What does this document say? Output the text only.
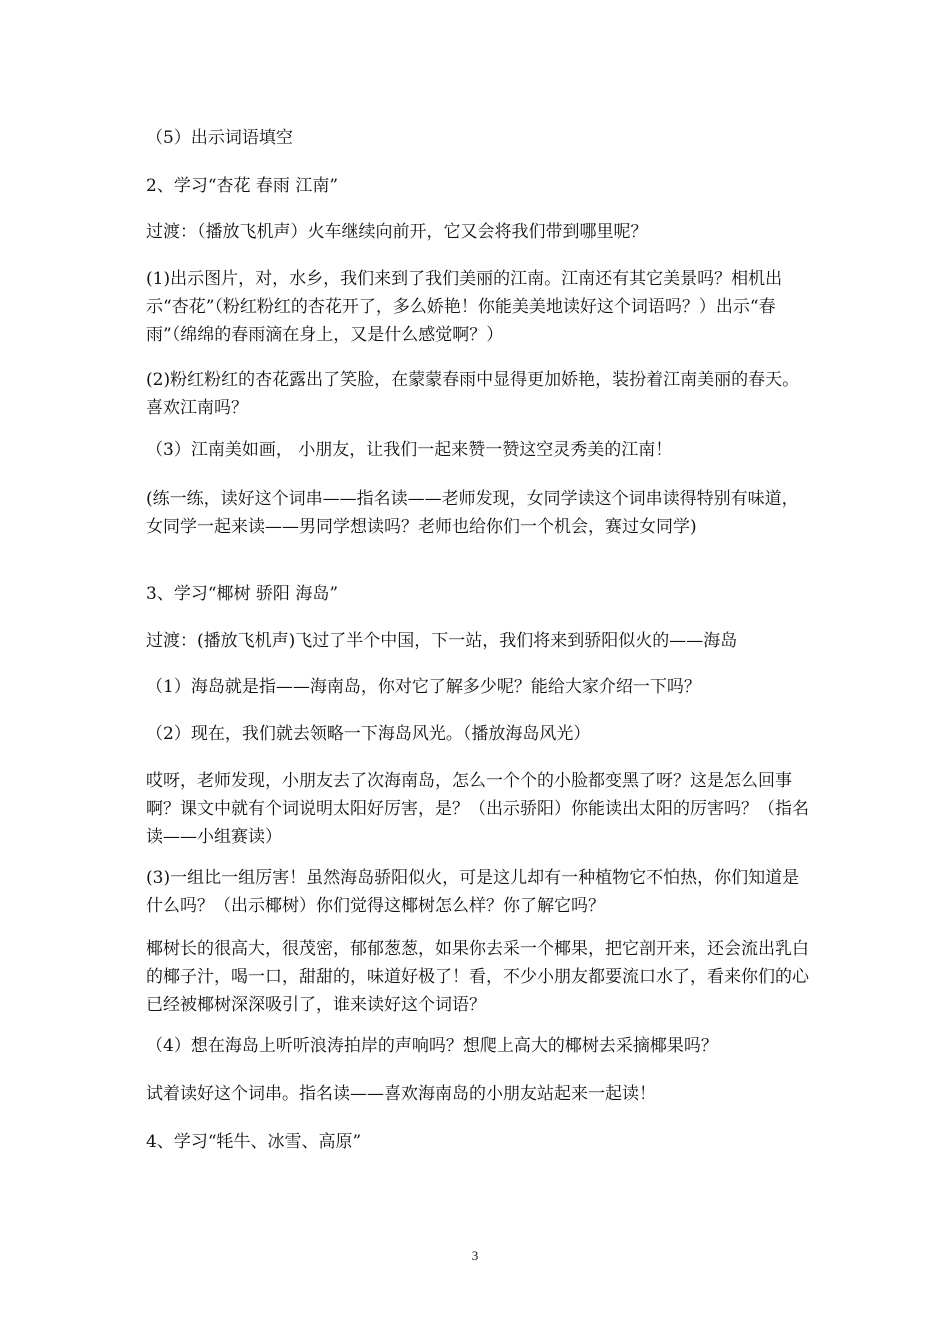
（5）出示词语填空

2、学习“杏花 春雨 江南”

过渡：（播放飞机声）火车继续向前开，它又会将我们带到哪里呢？

(1)出示图片，对，水乡，我们来到了我们美丽的江南。江南还有其它美景吗？相机出示“杏花”（粉红粉红的杏花开了，多么娇艳！你能美美地读好这个词语吗？）出示“春雨”（绵绵的春雨滴在身上，又是什么感觉啊？）

(2)粉红粉红的杏花露出了笑脸，在蒙蒙春雨中显得更加娇艳，装扮着江南美丽的春天。喜欢江南吗？

（3）江南美如画， 小朋友，让我们一起来赞一赞这空灵秀美的江南！

(练一练，读好这个词串——指名读——老师发现，女同学读这个词串读得特别有味道，女同学一起来读——男同学想读吗？老师也给你们一个机会，赛过女同学)

3、学习“椰树 骄阳 海岛”

过渡：(播放飞机声)飞过了半个中国，下一站，我们将来到骄阳似火的——海岛

（1）海岛就是指——海南岛，你对它了解多少呢？能给大家介绍一下吗？

（2）现在，我们就去领略一下海岛风光。（播放海岛风光）

哎呀，老师发现，小朋友去了次海南岛，怎么一个个的小脸都变黑了呀？这是怎么回事啊？课文中就有个词说明太阳好厉害，是？（出示骄阳）你能读出太阳的厉害吗？（指名读——小组赛读）

(3)一组比一组厉害！虽然海岛骄阳似火，可是这儿却有一种植物它不怕热，你们知道是什么吗？（出示椰树）你们觉得这椰树怎么样？你了解它吗？

椰树长的很高大，很茂密，郁郁葱葱，如果你去采一个椰果，把它剖开来，还会流出乳白的椰子汁，喝一口，甜甜的，味道好极了！看，不少小朋友都要流口水了，看来你们的心已经被椰树深深吸引了，谁来读好这个词语？

（4）想在海岛上听听浪涛拍岸的声响吗？想爬上高大的椰树去采摘椰果吗？

试着读好这个词串。指名读——喜欢海南岛的小朋友站起来一起读！

4、学习“牦牛、冰雪、高原”

3
